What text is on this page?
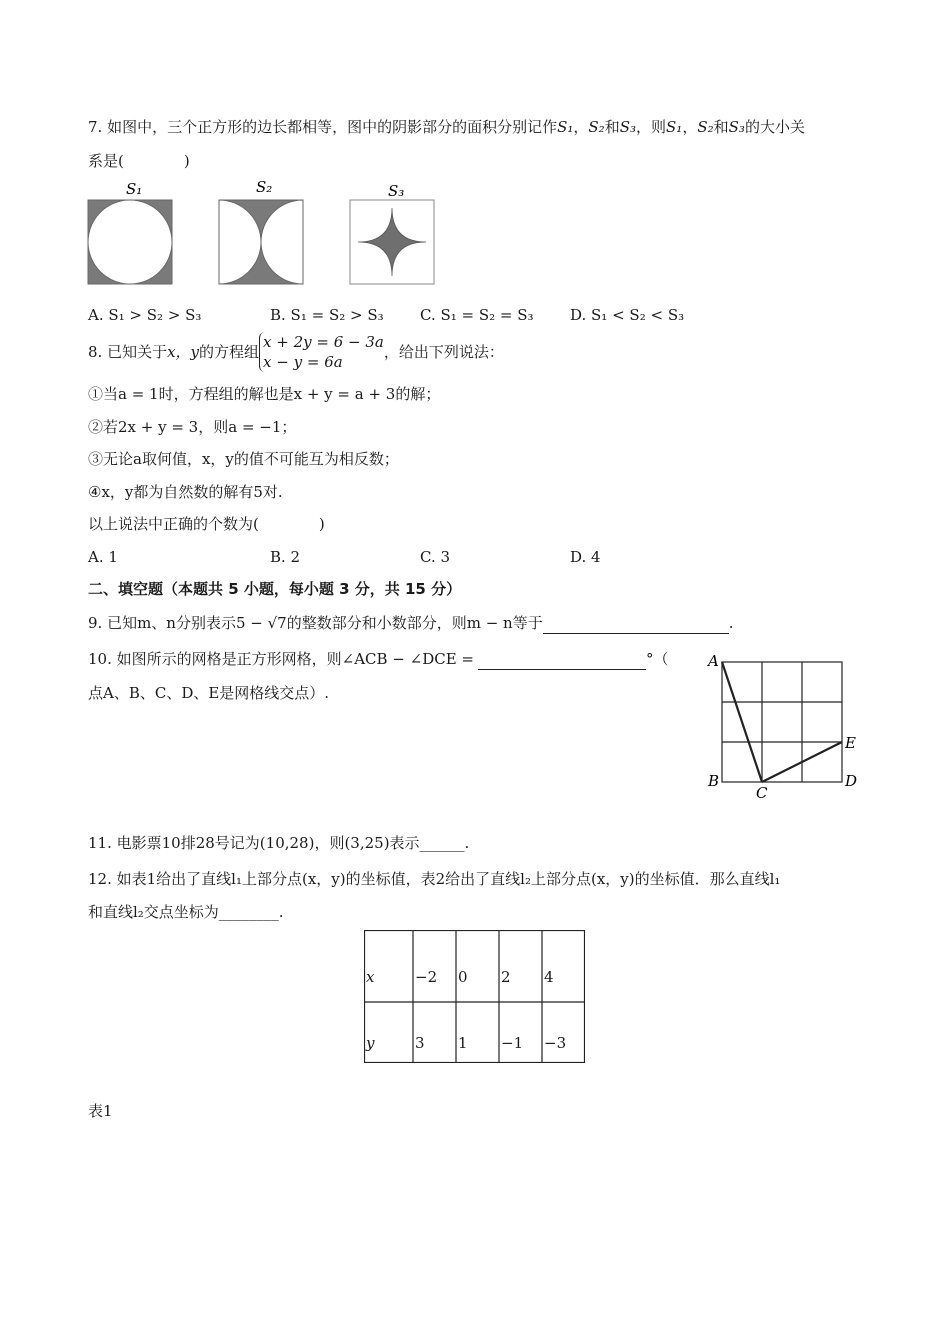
7. 如图中，三个正方形的边长都相等，图中的阴影部分的面积分别记作S₁，S₂和S₃，则S₁，S₂和S₃的大小关
系是(　　　　)
S₁	S₂	S₃
A. S₁ > S₂ > S₃	B. S₁ = S₂ > S₃ C. S₁ = S₂ = S₃ D. S₁ < S₂ < S₃
8. 已知关于x，y的方程组x + 2y = 6 − 3a
x − y = 6a，给出下列说法：
①当a = 1时，方程组的解也是x + y = a + 3的解；
②若2x + y = 3，则a = −1；
③无论a取何值，x，y的值不可能互为相反数；
④x，y都为自然数的解有5对.
以上说法中正确的个数为(　　　　)
A. 1	B. 2	C. 3	D. 4
二、填空题（本题共 5 小题，每小题 3 分，共 15 分）
9. 已知m、n分别表示5 − √7的整数部分和小数部分，则m − n等于	.
10. 如图所示的网格是正方形网格，则∠ACB − ∠DCE =	°（
点A、B、C、D、E是网格线交点）.
A
B
C
D
E
11. 电影票10排28号记为(10,28)，则(3,25)表示______.
12. 如表1给出了直线l₁上部分点(x，y)的坐标值，表2给出了直线l₂上部分点(x，y)的坐标值．那么直线l₁
和直线l₂交点坐标为________.
x	−2 0 2 4
y	3 1 −1 −3
表1
